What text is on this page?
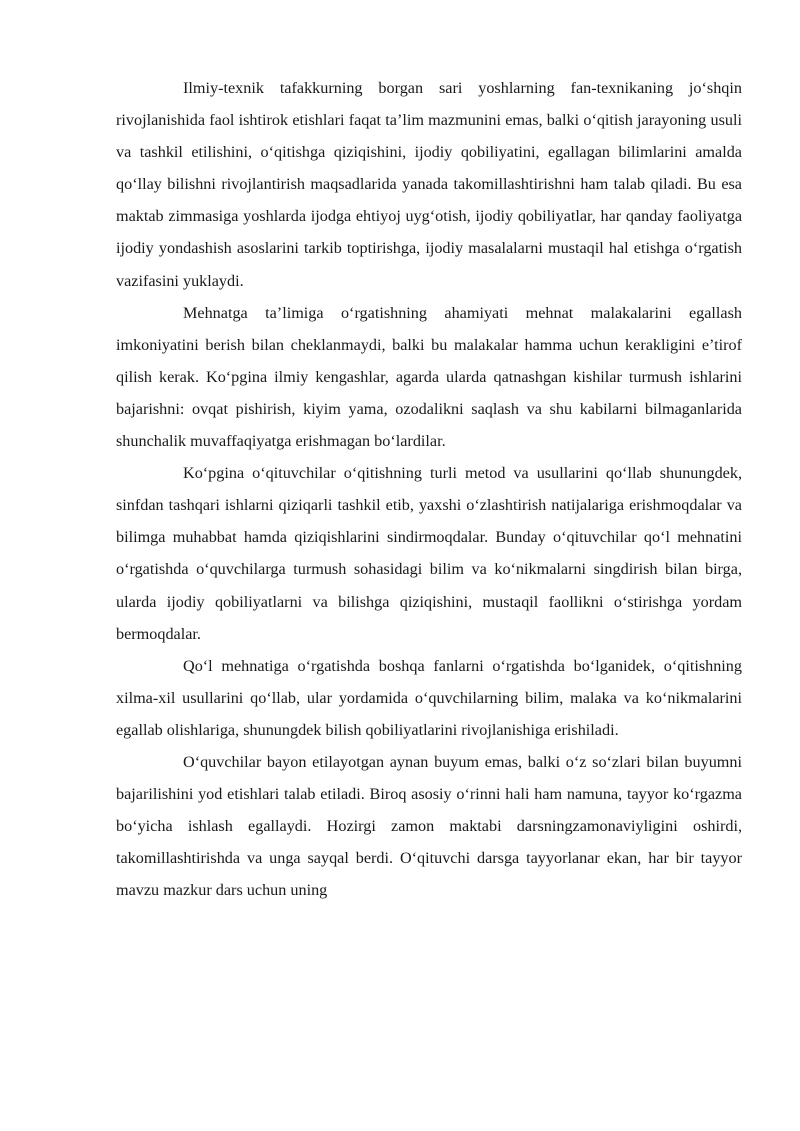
Ilmiy-texnik tafakkurning borgan sari yoshlarning fan-texnikaning jo‘shqin rivojlanishida faol ishtirok etishlari faqat ta’lim mazmunini emas, balki o‘qitish jarayoning usuli va tashkil etilishini, o‘qitishga qiziqishini, ijodiy qobiliyatini, egallagan bilimlarini amalda qo‘llay bilishni rivojlantirish maqsadlarida yanada takomillashtirishni ham talab qiladi. Bu esa maktab zimmasiga yoshlarda ijodga ehtiyoj uyg‘otish, ijodiy qobiliyatlar, har qanday faoliyatga ijodiy yondashish asoslarini tarkib toptirishga, ijodiy masalalarni mustaqil hal etishga o‘rgatish vazifasini yuklaydi.

Mehnatga ta’limiga o‘rgatishning ahamiyati mehnat malakalarini egallash imkoniyatini berish bilan cheklanmaydi, balki bu malakalar hamma uchun kerakligini e’tirof qilish kerak. Ko‘pgina ilmiy kengashlar, agarda ularda qatnashgan kishilar turmush ishlarini bajarishni: ovqat pishirish, kiyim yama, ozodalikni saqlash va shu kabilarni bilmaganlarida shunchalik muvaffaqiyatga erishmagan bo‘lardilar.

Ko‘pgina o‘qituvchilar o‘qitishning turli metod va usullarini qo‘llab shunungdek, sinfdan tashqari ishlarni qiziqarli tashkil etib, yaxshi o‘zlashtirish natijalariga erishmoqdalar va bilimga muhabbat hamda qiziqishlarini sindirmoqdalar. Bunday o‘qituvchilar qo‘l mehnatini o‘rgatishda o‘quvchilarga turmush sohasidagi bilim va ko‘nikmalarni singdirish bilan birga, ularda ijodiy qobiliyatlarni va bilishga qiziqishini, mustaqil faollikni o‘stirishga yordam bermoqdalar.

Qo‘l mehnatiga o‘rgatishda boshqa fanlarni o‘rgatishda bo‘lganidek, o‘qitishning xilma-xil usullarini qo‘llab, ular yordamida o‘quvchilarning bilim, malaka va ko‘nikmalarini egallab olishlariga, shunungdek bilish qobiliyatlarini rivojlanishiga erishiladi.

O‘quvchilar bayon etilayotgan aynan buyum emas, balki o‘z so‘zlari bilan buyumni bajarilishini yod etishlari talab etiladi. Biroq asosiy o‘rinni hali ham namuna, tayyor ko‘rgazma bo‘yicha ishlash egallaydi. Hozirgi zamon maktabi darsningzamonaviyligini oshirdi, takomillashtirishda va unga sayqal berdi. O‘qituvchi darsga tayyorlanar ekan, har bir tayyor mavzu mazkur dars uchun uning
